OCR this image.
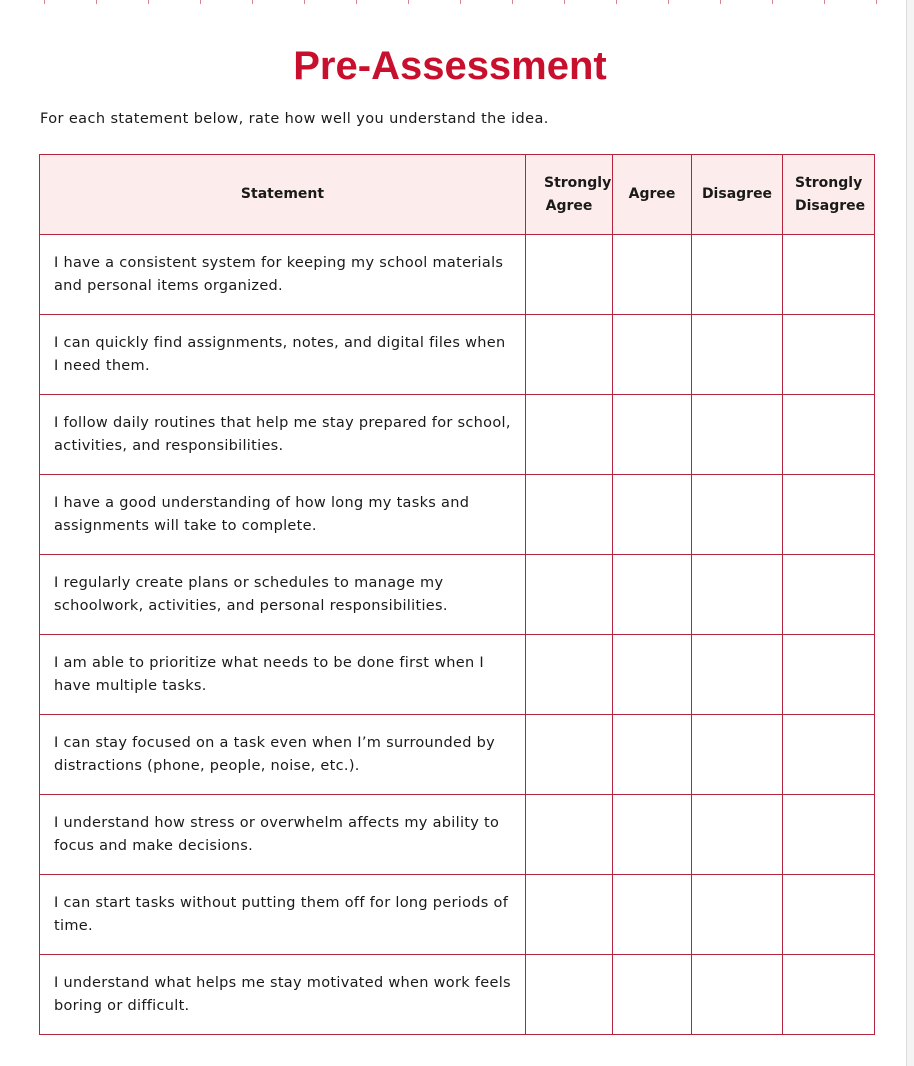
Pre-Assessment
For each statement below, rate how well you understand the idea.
Statement	Strongly Agree	Agree	Disagree	Strongly Disagree

I have a consistent system for keeping my school materials and personal items organized.				
I can quickly find assignments, notes, and digital files when I need them.				
I follow daily routines that help me stay prepared for school, activities, and responsibilities.				
I have a good understanding of how long my tasks and assignments will take to complete.				
I regularly create plans or schedules to manage my schoolwork, activities, and personal responsibilities.				
I am able to prioritize what needs to be done first when I have multiple tasks.				
I can stay focused on a task even when I’m surrounded by distractions (phone, people, noise, etc.).				
I understand how stress or overwhelm affects my ability to focus and make decisions.				
I can start tasks without putting them off for long periods of time.				
I understand what helps me stay motivated when work feels boring or difficult.				
